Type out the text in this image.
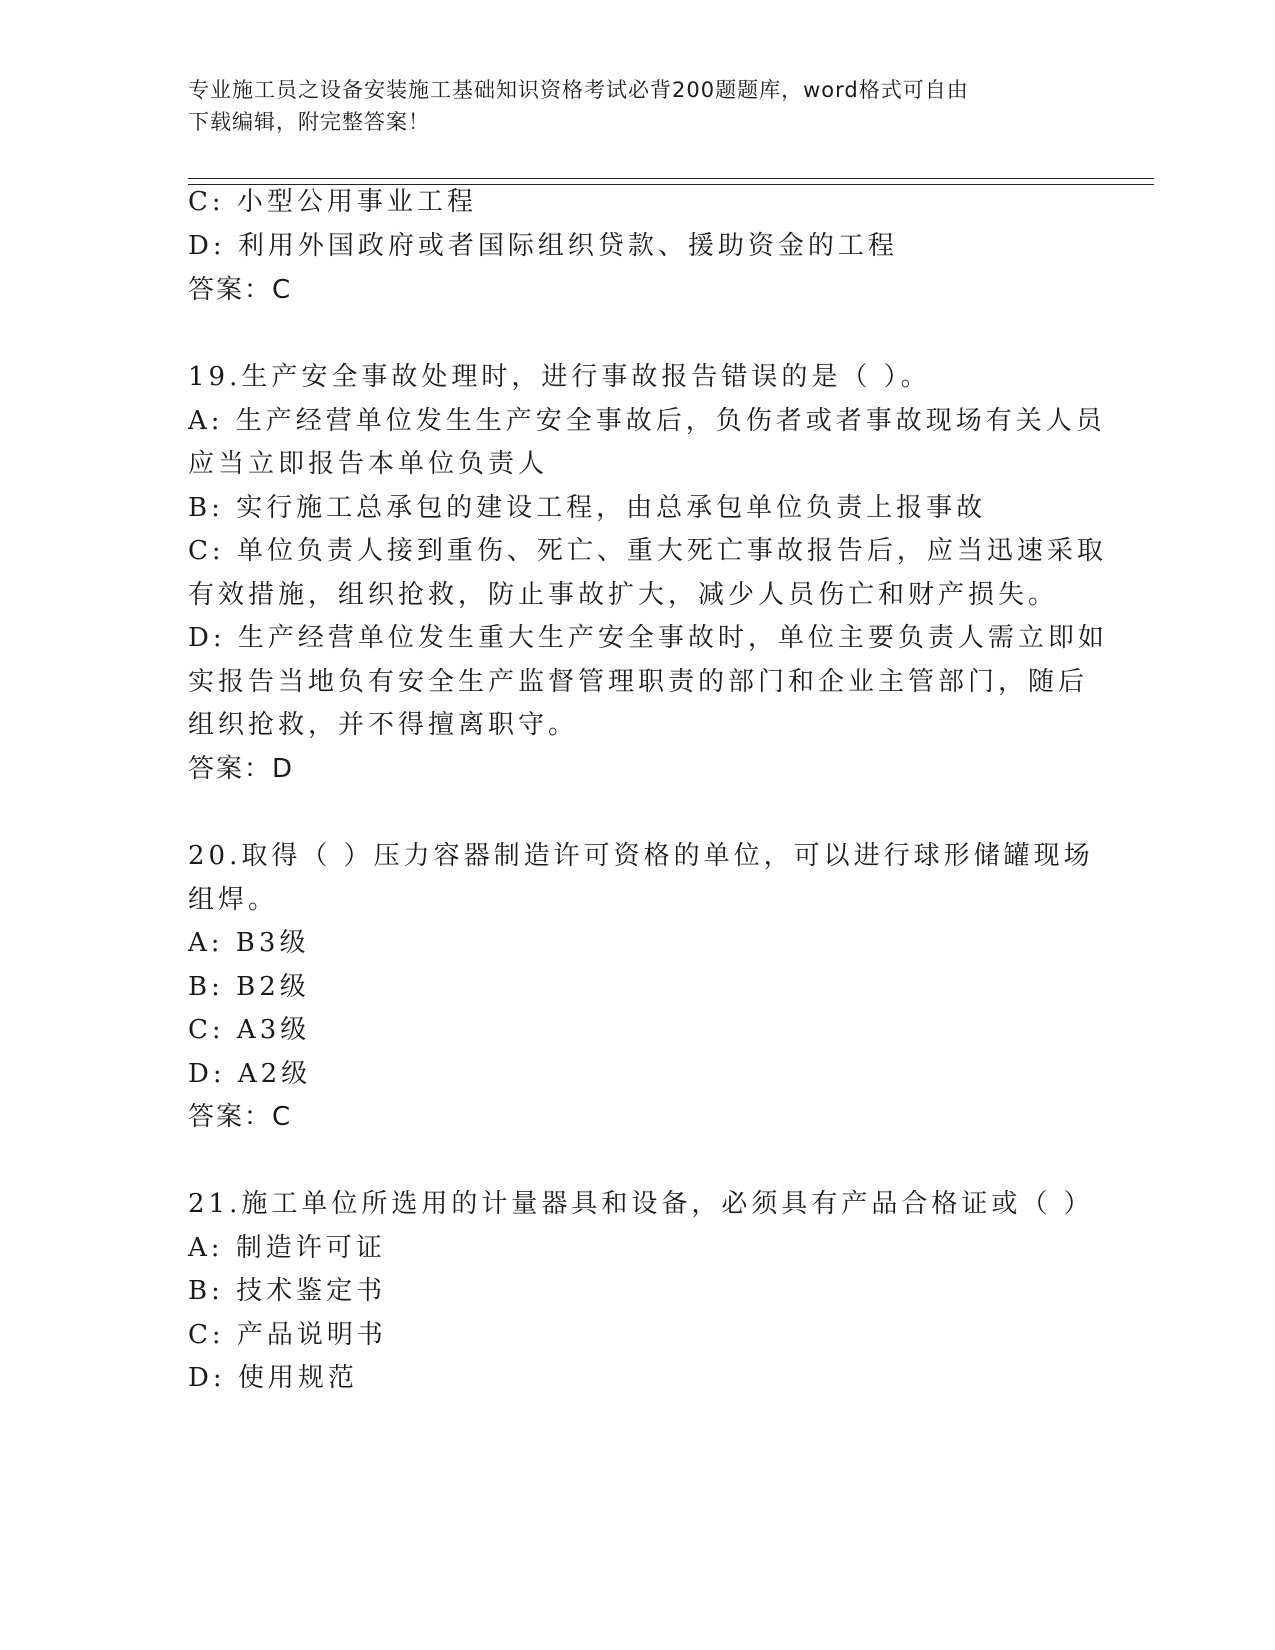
专业施工员之设备安装施工基础知识资格考试必背200题题库，word格式可自由
下载编辑，附完整答案！
C: 小型公用事业工程
D: 利用外国政府或者国际组织贷款、援助资金的工程
答案：C
19.生产安全事故处理时，进行事故报告错误的是（ ）。
A: 生产经营单位发生生产安全事故后，负伤者或者事故现场有关人员
应当立即报告本单位负责人
B: 实行施工总承包的建设工程，由总承包单位负责上报事故
C: 单位负责人接到重伤、死亡、重大死亡事故报告后，应当迅速采取
有效措施，组织抢救，防止事故扩大，减少人员伤亡和财产损失。
D: 生产经营单位发生重大生产安全事故时，单位主要负责人需立即如
实报告当地负有安全生产监督管理职责的部门和企业主管部门，随后
组织抢救，并不得擅离职守。
答案：D
20.取得（ ）压力容器制造许可资格的单位，可以进行球形储罐现场
组焊。
A: B3级
B: B2级
C: A3级
D: A2级
答案：C
21.施工单位所选用的计量器具和设备，必须具有产品合格证或（ ）
A: 制造许可证
B: 技术鉴定书
C: 产品说明书
D: 使用规范
